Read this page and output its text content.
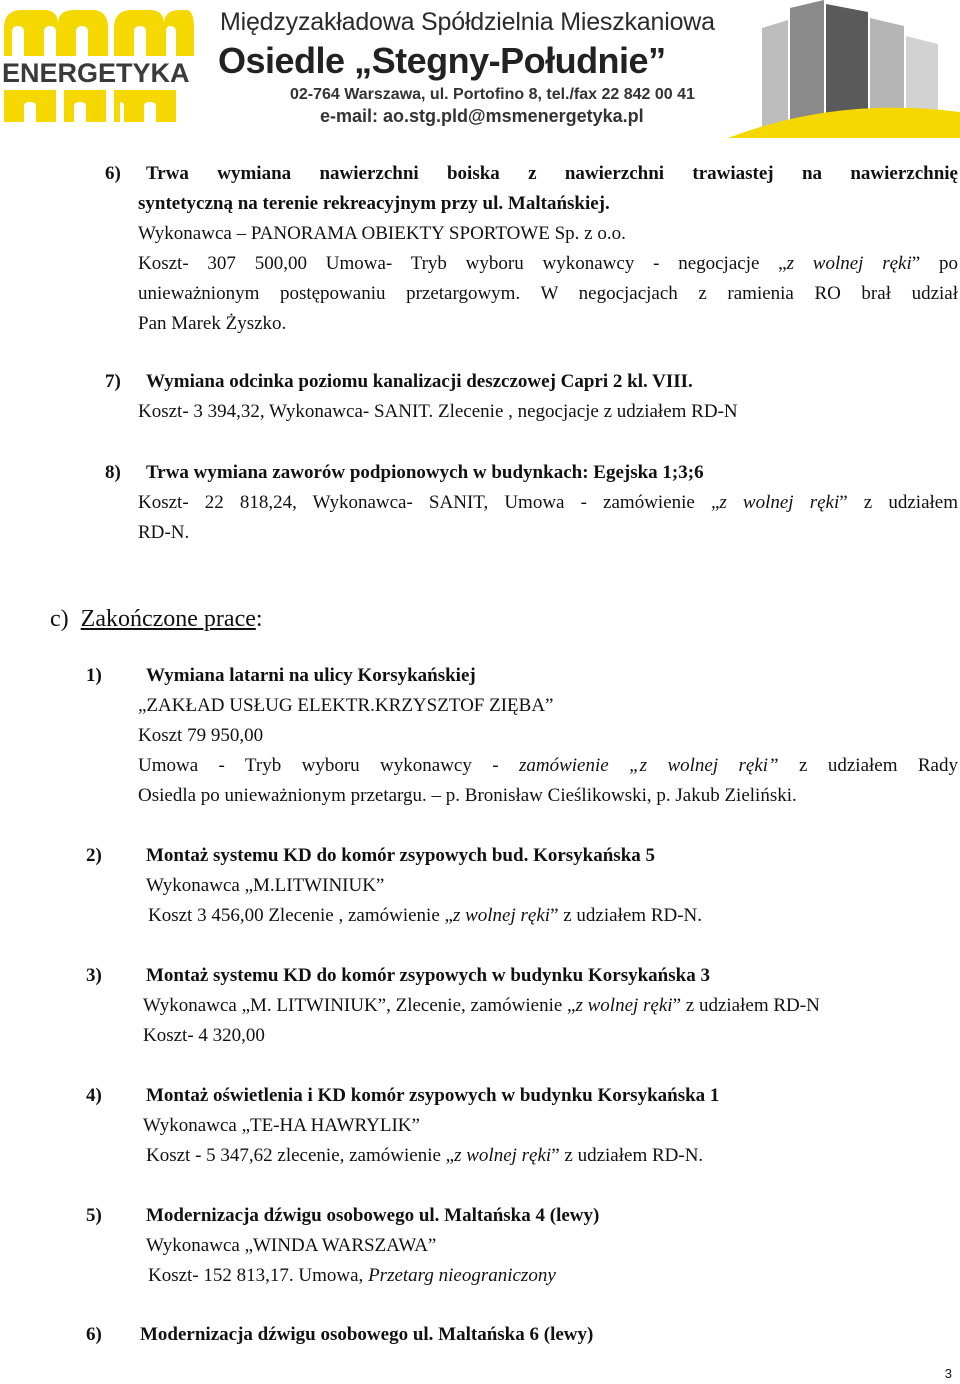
ENERGETYKA
Międzyzakładowa Spółdzielnia Mieszkaniowa
Osiedle „Stegny-Południe”
02-764 Warszawa, ul. Portofino 8, tel./fax 22 842 00 41
e-mail: ao.stg.pld@msmenergetyka.pl
6) Trwa wymiana nawierzchni boiska z nawierzchni trawiastej na nawierzchnię
syntetyczną na terenie rekreacyjnym przy ul. Maltańskiej.
Wykonawca – PANORAMA OBIEKTY SPORTOWE Sp. z o.o.
Koszt- 307 500,00 Umowa- Tryb wyboru wykonawcy - negocjacje „z wolnej ręki” po
unieważnionym postępowaniu przetargowym. W negocjacjach z ramienia RO brał udział
Pan Marek Żyszko.
7) Wymiana odcinka poziomu kanalizacji deszczowej Capri 2 kl. VIII.
Koszt- 3 394,32, Wykonawca- SANIT. Zlecenie , negocjacje z udziałem RD-N
8) Trwa wymiana zaworów podpionowych w budynkach: Egejska 1;3;6
Koszt- 22 818,24, Wykonawca- SANIT, Umowa - zamówienie „z wolnej ręki” z udziałem
RD-N.
c) Zakończone prace:
1) Wymiana latarni na ulicy Korsykańskiej
„ZAKŁAD USŁUG ELEKTR.KRZYSZTOF ZIĘBA”
Koszt 79 950,00
Umowa - Tryb wyboru wykonawcy - zamówienie „z wolnej ręki” z udziałem Rady
Osiedla po unieważnionym przetargu. – p. Bronisław Cieślikowski, p. Jakub Zieliński.
2) Montaż systemu KD do komór zsypowych bud. Korsykańska 5
Wykonawca „M.LITWINIUK”
Koszt 3 456,00 Zlecenie , zamówienie „z wolnej ręki” z udziałem RD-N.
3) Montaż systemu KD do komór zsypowych w budynku Korsykańska 3
Wykonawca „M. LITWINIUK”, Zlecenie, zamówienie „z wolnej ręki” z udziałem RD-N
Koszt- 4 320,00
4) Montaż oświetlenia i KD komór zsypowych w budynku Korsykańska 1
Wykonawca „TE-HA HAWRYLIK”
Koszt - 5 347,62 zlecenie, zamówienie „z wolnej ręki” z udziałem RD-N.
5) Modernizacja dźwigu osobowego ul. Maltańska 4 (lewy)
Wykonawca „WINDA WARSZAWA”
Koszt- 152 813,17. Umowa, Przetarg nieograniczony
6) Modernizacja dźwigu osobowego ul. Maltańska 6 (lewy)
3
